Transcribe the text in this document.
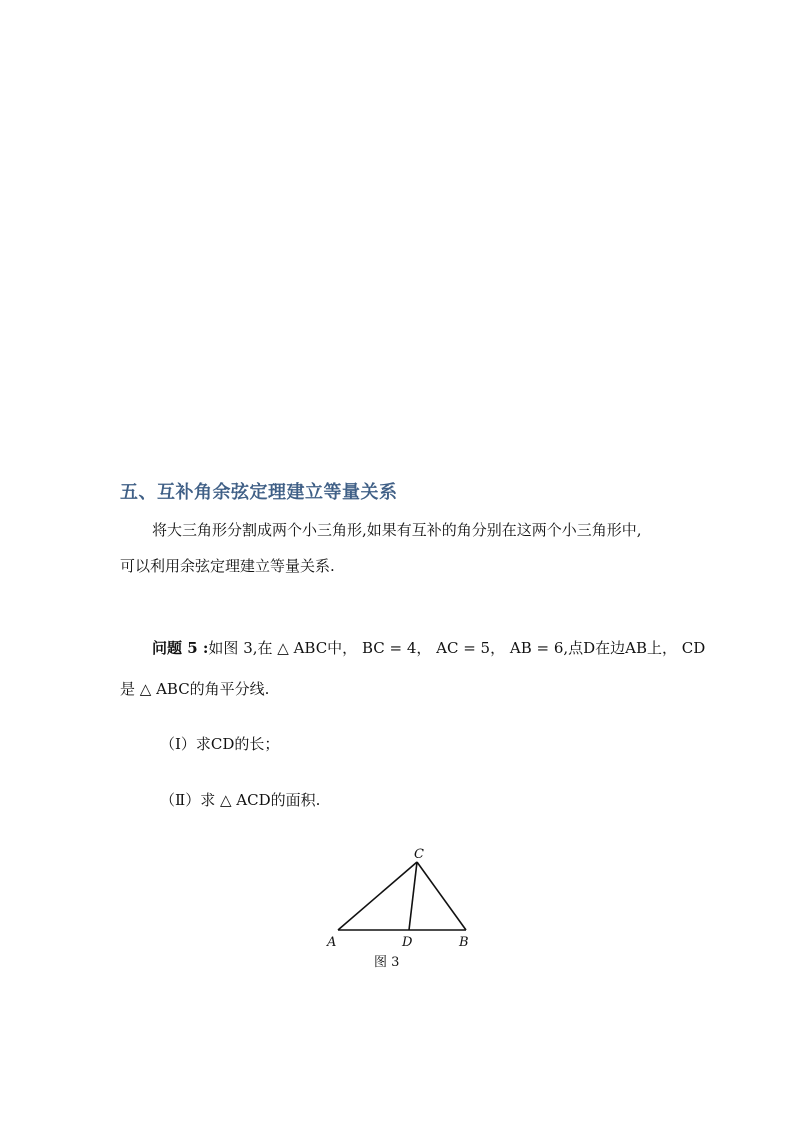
五、互补角余弦定理建立等量关系
将大三角形分割成两个小三角形,如果有互补的角分别在这两个小三角形中,
可以利用余弦定理建立等量关系.
问题 5 :如图 3,在 △ ABC中， BC = 4， AC = 5， AB = 6,点D在边AB上， CD
是 △ ABC的角平分线.
（Ⅰ）求CD的长；
（Ⅱ）求 △ ACD的面积.
C
A	D	B
图 3
